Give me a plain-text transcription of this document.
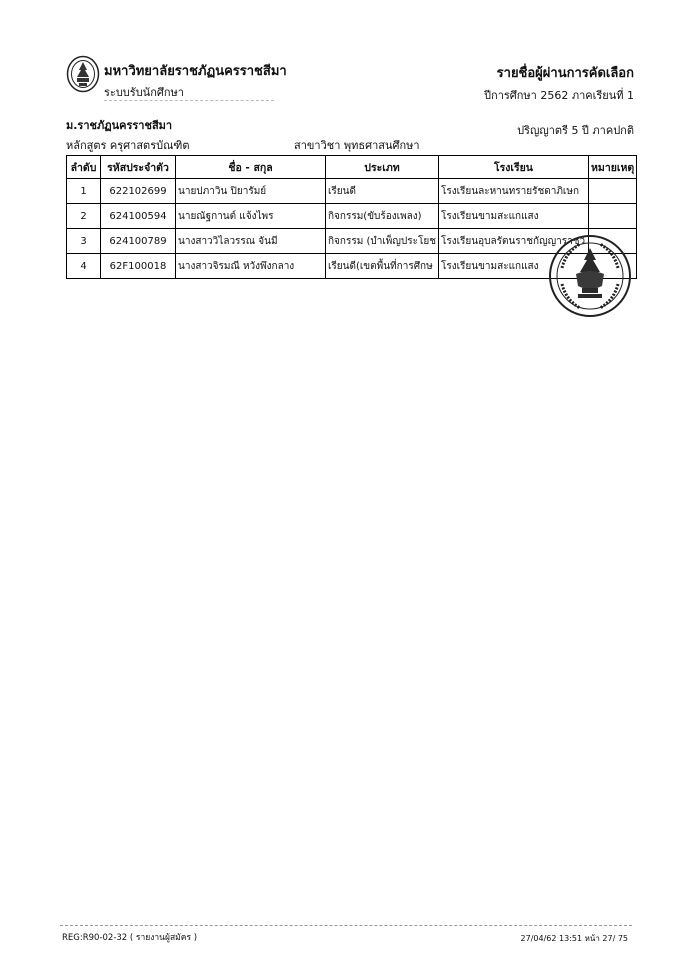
มหาวิทยาลัยราชภัฏนครราชสีมา
ระบบรับนักศึกษา
รายชื่อผู้ผ่านการคัดเลือก
ปีการศึกษา 2562 ภาคเรียนที่ 1
ม.ราชภัฏนครราชสีมา	ปริญญาตรี 5 ปี ภาคปกติ
หลักสูตร ครุศาสตรบัณฑิต	สาขาวิชา พุทธศาสนศึกษา
ลำดับ	รหัสประจำตัว	ชื่อ - สกุล	ประเภท	โรงเรียน	หมายเหตุ
1	622102699	นายปภาวิน ปิยารัมย์	เรียนดี	โรงเรียนละหานทรายรัชดาภิเษก	
2	624100594	นายณัฐกานต์ แจ้งไพร	กิจกรรม(ขับร้องเพลง)	โรงเรียนขามสะแกแสง	
3	624100789	นางสาววิไลวรรณ จันมี	กิจกรรม (บำเพ็ญประโยช	โรงเรียนอุบลรัตนราชกัญญาราชวิ	
4	62F100018	นางสาวจิรมณี หวังพึงกลาง	เรียนดี(เขตพื้นที่การศึกษ	โรงเรียนขามสะแกแสง	
REG:R90-02-32 ( รายงานผู้สมัคร )	27/04/62 13:51 หน้า 27/ 75
